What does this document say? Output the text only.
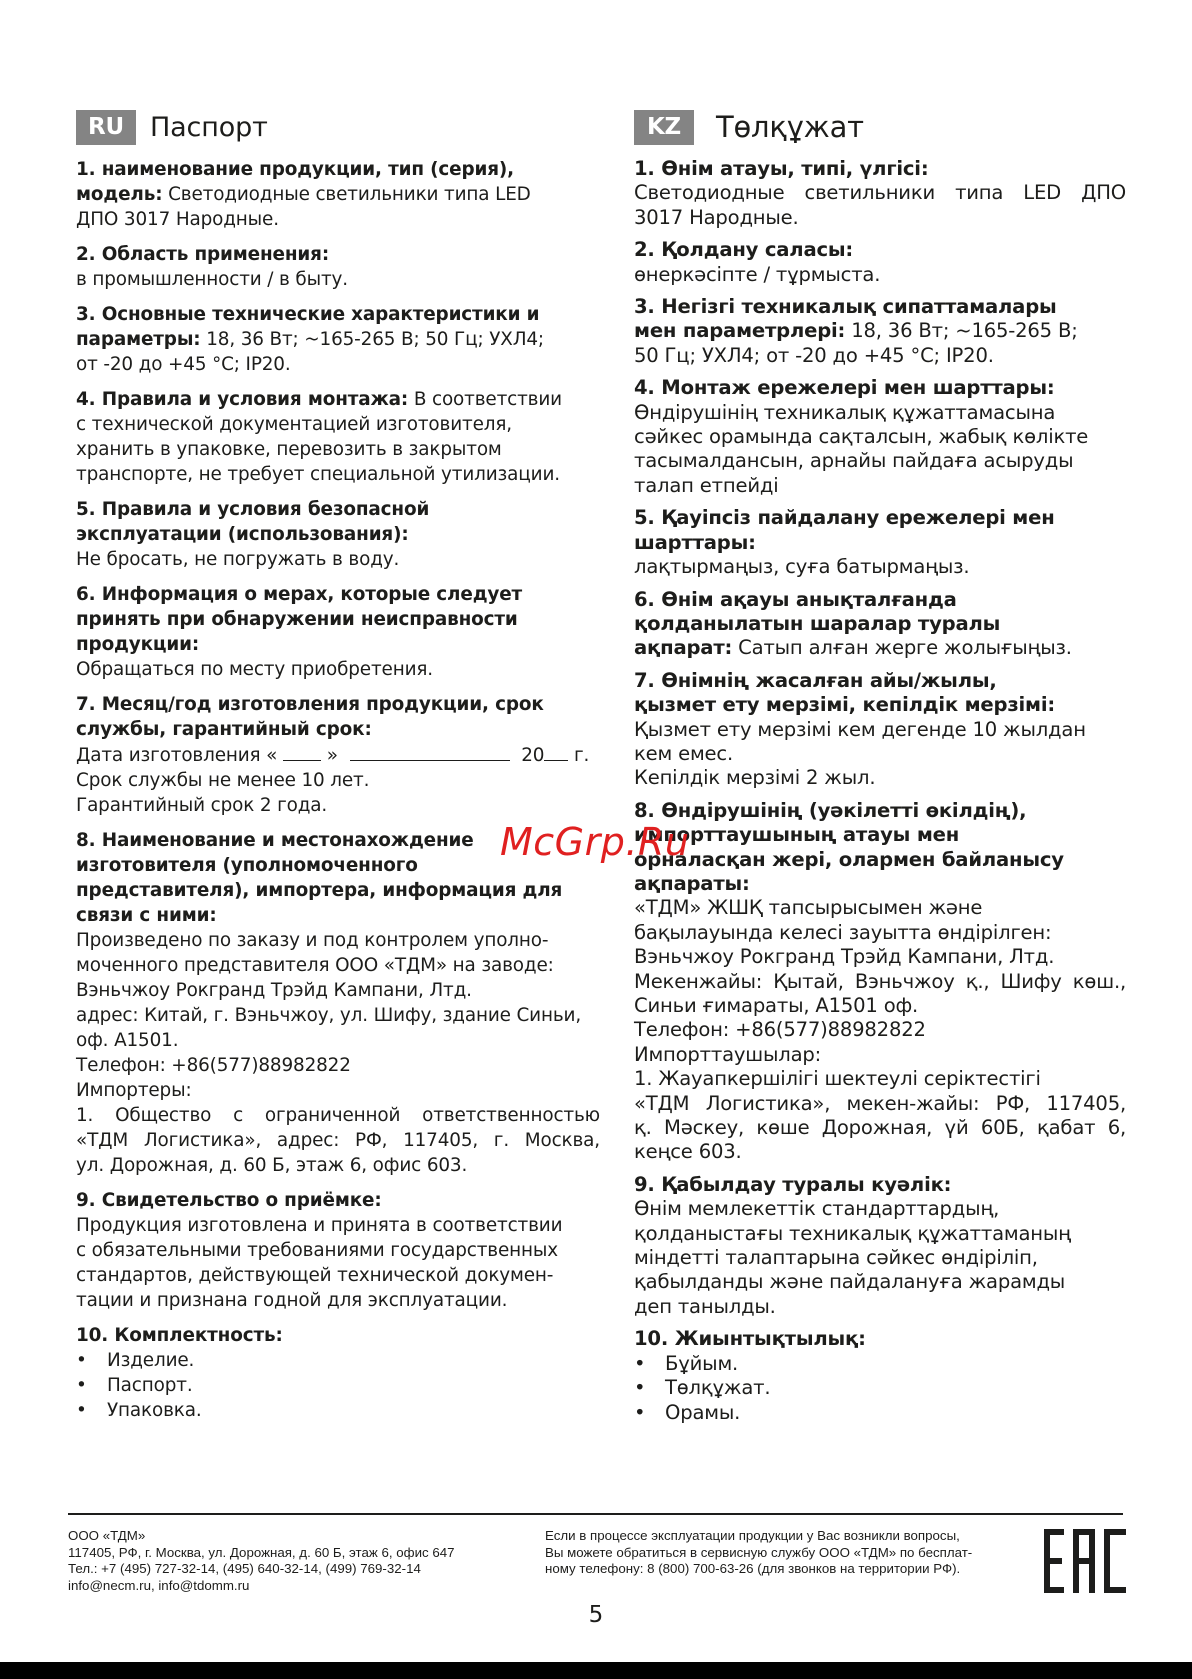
RU Паспорт
1. наименование продукции, тип (серия),
модель: Светодиодные светильники типа LED
ДПО 3017 Народные.
2. Область применения:
в промышленности / в быту.
3. Основные технические характеристики и
параметры: 18, 36 Вт; ~165-265 В; 50 Гц; УХЛ4;
от -20 до +45 °С; IP20.
4. Правила и условия монтажа: В соответствии
с технической документацией изготовителя,
хранить в упаковке, перевозить в закрытом
транспорте, не требует специальной утилизации.
5. Правила и условия безопасной
эксплуатации (использования):
Не бросать, не погружать в воду.
6. Информация о мерах, которые следует
принять при обнаружении неисправности
продукции:
Обращаться по месту приобретения.
7. Месяц/год изготовления продукции, срок
службы, гарантийный срок:
Дата изготовления «	»	20 г.
Срок службы не менее 10 лет.
Гарантийный срок 2 года.
8. Наименование и местонахождение
изготовителя (уполномоченного
представителя), импортера, информация для
связи с ними:
Произведено по заказу и под контролем уполно-
моченного представителя ООО «ТДМ» на заводе:
Вэньчжоу Рокгранд Трэйд Кампани, Лтд.
адрес: Китай, г. Вэньчжоу, ул. Шифу, здание Синьи,
оф. А1501.
Телефон: +86(577)88982822
Импортеры:
1. Общество с ограниченной ответственностью
«ТДМ Логистика», адрес: РФ, 117405, г. Москва,
ул. Дорожная, д. 60 Б, этаж 6, офис 603.
9. Свидетельство о приёмке:
Продукция изготовлена и принята в соответствии
с обязательными требованиями государственных
стандартов, действующей технической докумен-
тации и признана годной для эксплуатации.
10. Комплектность:
•	Изделие.
•	Паспорт.
•	Упаковка.
KZ	Төлқұжат
1. Өнім атауы, типі, үлгісі:
Светодиодные светильники типа LED ДПО
3017 Народные.
2. Қолдану саласы:
өнеркәсіпте / тұрмыста.
3. Негізгі техникалық сипаттамалары
мен параметрлері: 18, 36 Вт; ~165-265 В;
50 Гц; УХЛ4; от -20 до +45 °С; IP20.
4. Монтаж ережелері мен шарттары:
Өндірушінің техникалық құжаттамасына
сәйкес орамында сақталсын, жабық көлікте
тасымалдансын, арнайы пайдаға асыруды
талап етпейді
5. Қауіпсіз пайдалану ережелері мен
шарттары:
лақтырмаңыз, суға батырмаңыз.
6. Өнім ақауы анықталғанда
қолданылатын шаралар туралы
ақпарат: Сатып алған жерге жолығыңыз.
7. Өнімнің жасалған айы/жылы,
қызмет ету мерзімі, кепілдік мерзімі:
Қызмет ету мерзімі кем дегенде 10 жылдан
кем емес.
Кепілдік мерзімі 2 жыл.
8. Өндірушінің (уәкілетті өкілдің),
импорттаушының атауы мен
орналасқан жері, олармен байланысу
ақпараты:
«ТДМ» ЖШҚ тапсырысымен және
бақылауында келесі зауытта өндірілген:
Вэньчжоу Рокгранд Трэйд Кампани, Лтд.
Мекенжайы: Қытай, Вэньчжоу қ., Шифу көш.,
Синьи ғимараты, А1501 оф.
Телефон: +86(577)88982822
Импорттаушылар:
1. Жауапкершілігі шектеулі серіктестігі
«ТДМ Логистика», мекен-жайы: РФ, 117405,
қ. Мәскеу, көше Дорожная, үй 60Б, қабат 6,
кеңсе 603.
9. Қабылдау туралы куәлік:
Өнім мемлекеттік стандарттардың,
қолданыстағы техникалық құжаттаманың
міндетті талаптарына сәйкес өндіріліп,
қабылданды және пайдалануға жарамды
деп танылды.
10. Жиынтықтылық:
•	Бұйым.
•	Төлқұжат.
•	Орамы.
McGrp.Ru
ООО «ТДМ»
117405, РФ, г. Москва, ул. Дорожная, д. 60 Б, этаж 6, офис 647
Тел.: +7 (495) 727-32-14, (495) 640-32-14, (499) 769-32-14
info@necm.ru, info@tdomm.ru
Если в процессе эксплуатации продукции у Вас возникли вопросы,
Вы можете обратиться в сервисную службу ООО «ТДМ» по бесплат-
ному телефону: 8 (800) 700-63-26 (для звонков на территории РФ).
EAC
5
